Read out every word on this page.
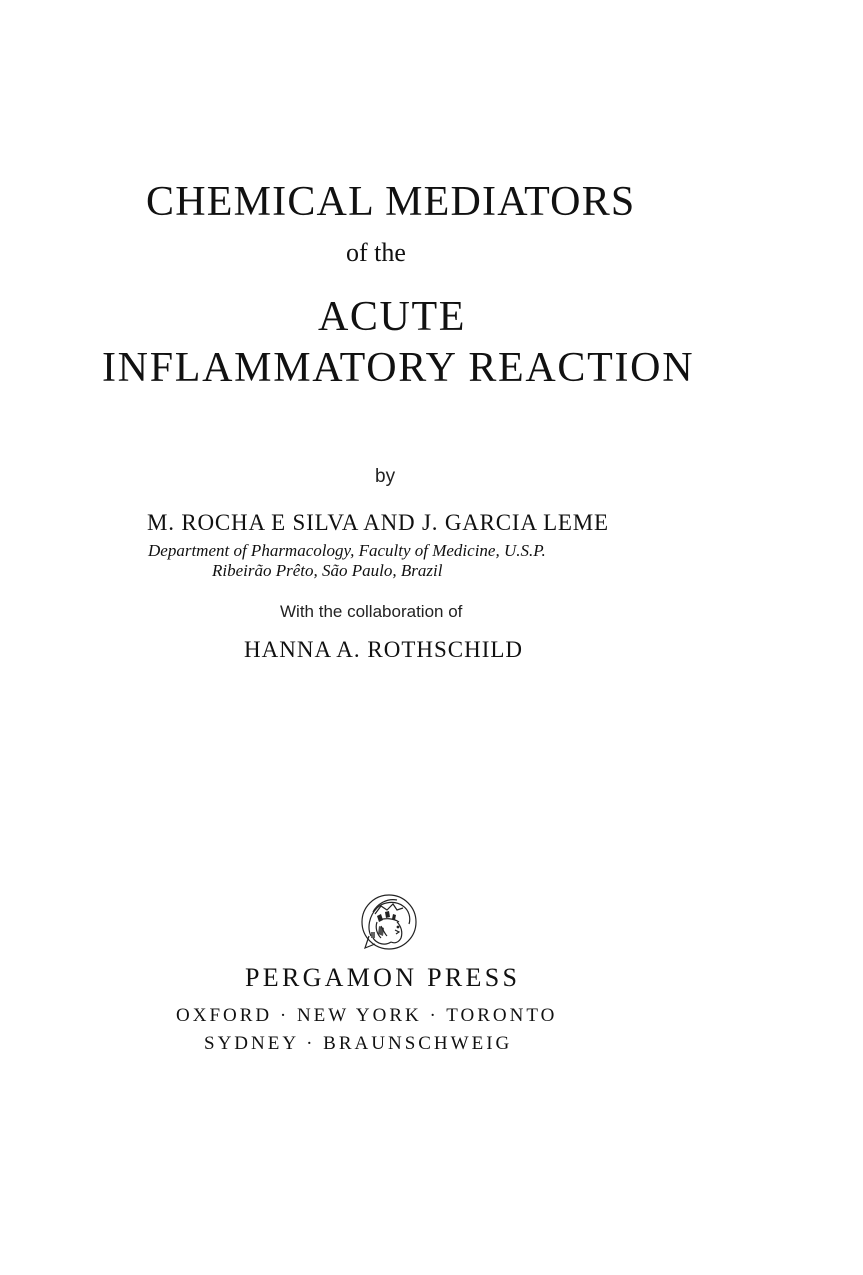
CHEMICAL MEDIATORS
of the
ACUTE
INFLAMMATORY REACTION
by
M. ROCHA E SILVA AND J. GARCIA LEME
Department of Pharmacology, Faculty of Medicine, U.S.P.
Ribeirão Prêto, São Paulo, Brazil
With the collaboration of
HANNA A. ROTHSCHILD
PERGAMON PRESS
OXFORD · NEW YORK · TORONTO
SYDNEY · BRAUNSCHWEIG
